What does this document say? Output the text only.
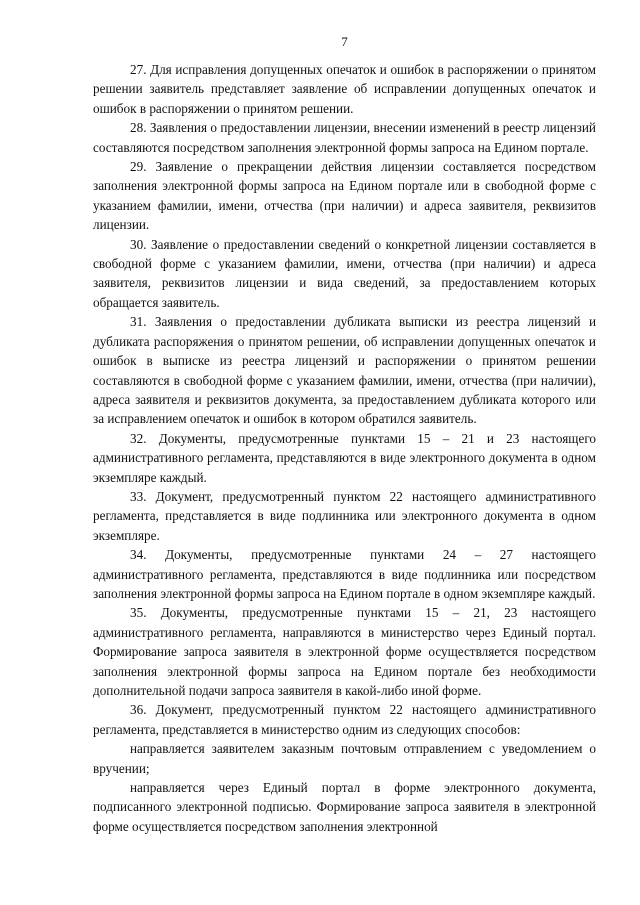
7

27. Для исправления допущенных опечаток и ошибок в распоряжении о принятом решении заявитель представляет заявление об исправлении допущенных опечаток и ошибок в распоряжении о принятом решении.

28. Заявления о предоставлении лицензии, внесении изменений в реестр лицензий составляются посредством заполнения электронной формы запроса на Едином портале.

29. Заявление о прекращении действия лицензии составляется посредством заполнения электронной формы запроса на Едином портале или в свободной форме с указанием фамилии, имени, отчества (при наличии) и адреса заявителя, реквизитов лицензии.

30. Заявление о предоставлении сведений о конкретной лицензии составляется в свободной форме с указанием фамилии, имени, отчества (при наличии) и адреса заявителя, реквизитов лицензии и вида сведений, за предоставлением которых обращается заявитель.

31. Заявления о предоставлении дубликата выписки из реестра лицензий и дубликата распоряжения о принятом решении, об исправлении допущенных опечаток и ошибок в выписке из реестра лицензий и распоряжении о принятом решении составляются в свободной форме с указанием фамилии, имени, отчества (при наличии), адреса заявителя и реквизитов документа, за предоставлением дубликата которого или за исправлением опечаток и ошибок в котором обратился заявитель.

32. Документы, предусмотренные пунктами 15 – 21 и 23 настоящего административного регламента, представляются в виде электронного документа в одном экземпляре каждый.

33. Документ, предусмотренный пунктом 22 настоящего административного регламента, представляется в виде подлинника или электронного документа в одном экземпляре.

34. Документы, предусмотренные пунктами 24 – 27 настоящего административного регламента, представляются в виде подлинника или посредством заполнения электронной формы запроса на Едином портале в одном экземпляре каждый.

35. Документы, предусмотренные пунктами 15 – 21, 23 настоящего административного регламента, направляются в министерство через Единый портал. Формирование запроса заявителя в электронной форме осуществляется посредством заполнения электронной формы запроса на Едином портале без необходимости дополнительной подачи запроса заявителя в какой-либо иной форме.

36. Документ, предусмотренный пунктом 22 настоящего административного регламента, представляется в министерство одним из следующих способов:

направляется заявителем заказным почтовым отправлением с уведомлением о вручении;

направляется через Единый портал в форме электронного документа, подписанного электронной подписью. Формирование запроса заявителя в электронной форме осуществляется посредством заполнения электронной
